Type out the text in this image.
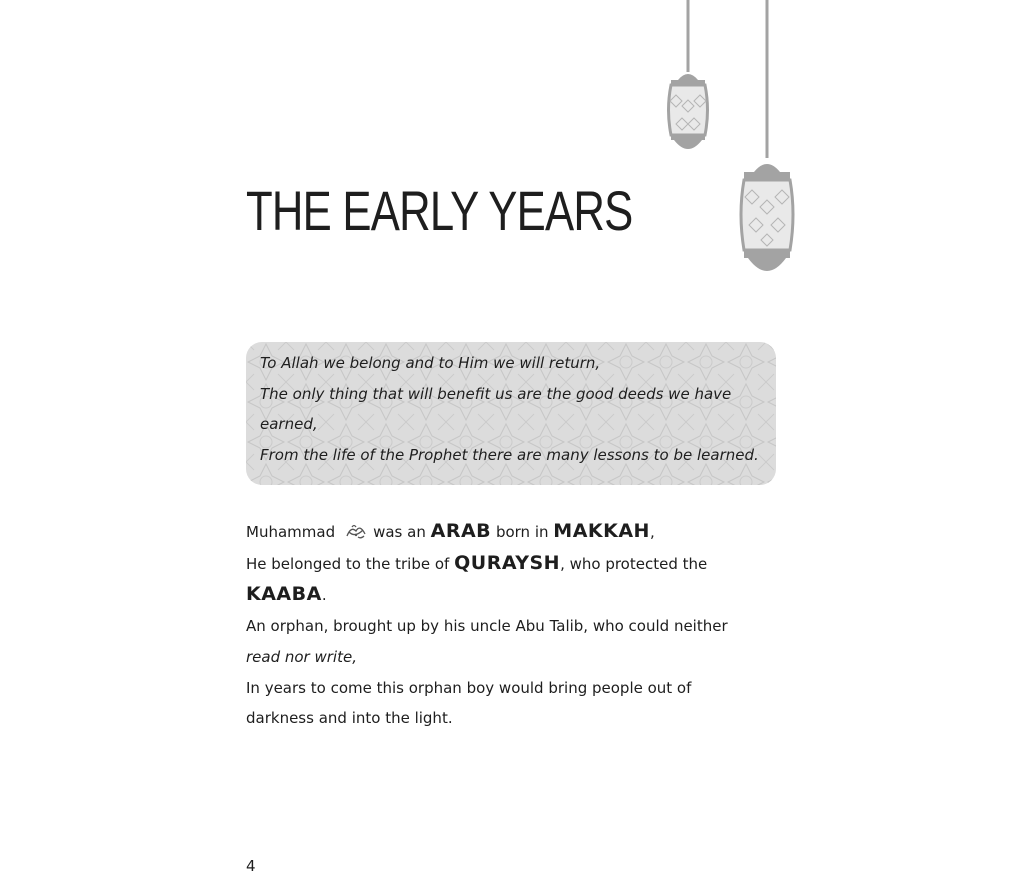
THE EARLY YEARS
To Allah we belong and to Him we will return,
The only thing that will benefit us are the good deeds we have
earned,
From the life of the Prophet there are many lessons to be learned.
Muhammad	was an ARAB born in MAKKAH,
He belonged to the tribe of QURAYSH, who protected the
KAABA.
An orphan, brought up by his uncle Abu Talib, who could neither
read nor write,
In years to come this orphan boy would bring people out of
darkness and into the light.
4
